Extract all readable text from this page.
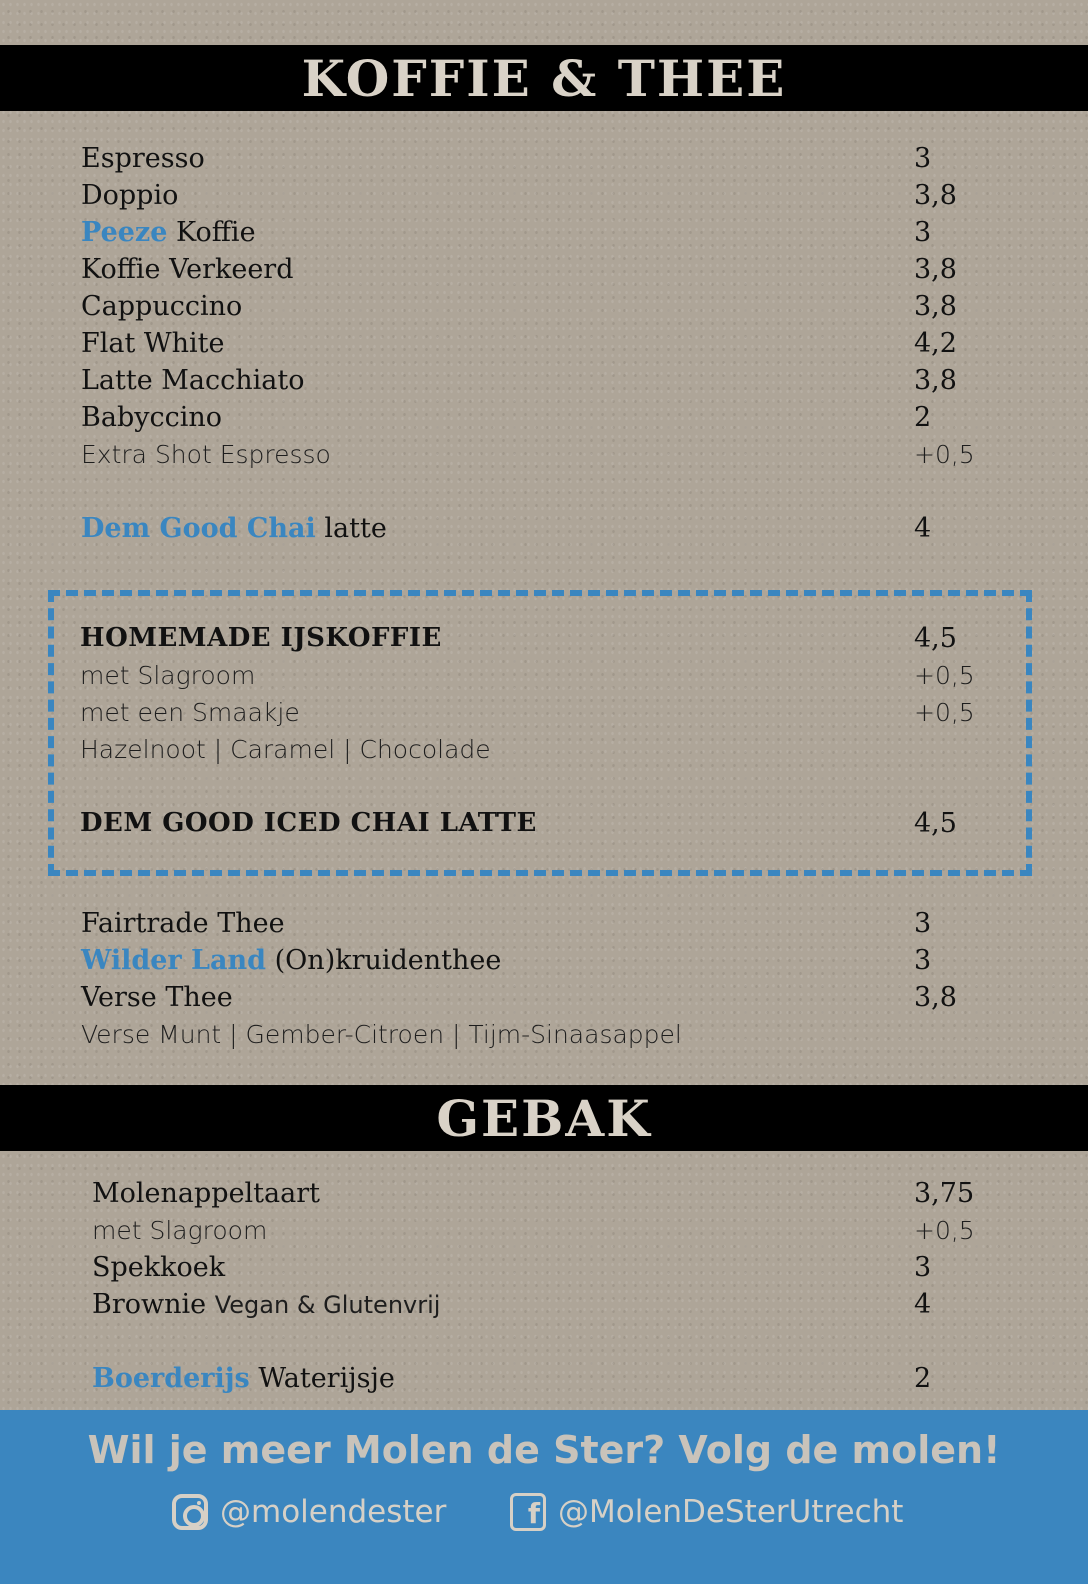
KOFFIE & THEE
Espresso	3
Doppio	3,8
Peeze Koffie	3
Koffie Verkeerd	3,8
Cappuccino	3,8
Flat White	4,2
Latte Macchiato	3,8
Babyccino	2
Extra Shot Espresso	+0,5
Dem Good Chai latte	4
HOMEMADE IJSKOFFIE	4,5
met Slagroom	+0,5
met een Smaakje	+0,5
Hazelnoot | Caramel | Chocolade
DEM GOOD ICED CHAI LATTE	4,5
Fairtrade Thee	3
Wilder Land (On)kruidenthee	3
Verse Thee	3,8
Verse Munt | Gember-Citroen | Tijm-Sinaasappel
GEBAK
Molenappeltaart	3,75
met Slagroom	+0,5
Spekkoek	3
Brownie Vegan & Glutenvrij	4
Boerderijs Waterijsje	2
Wil je meer Molen de Ster? Volg de molen!
@molendester	f @MolenDeSterUtrecht
